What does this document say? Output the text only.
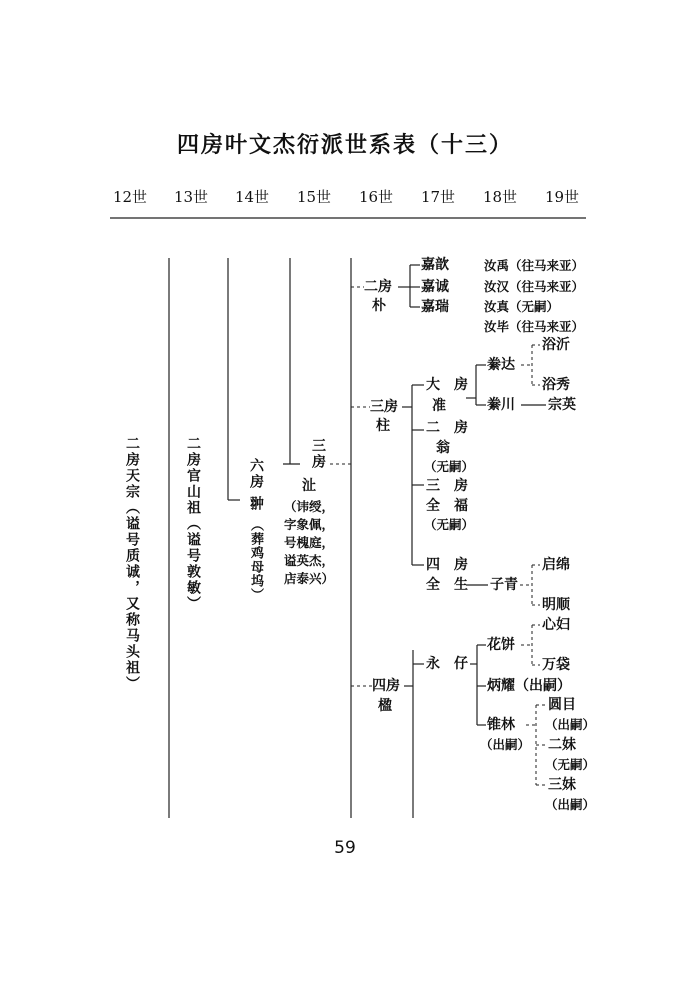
四房叶文杰衍派世系表（十三）
12世	13世	14世	15世	16世	17世	18世	19世
二房天宗（谥号质诚，又称马头祖）	二房官山祖（谥号敦敏）	六房
翀
（葬鸡母坞）
三房
沚
（讳绶，字象佩，号槐庭，谥英杰，店泰兴）
二房
朴
三房
柱
四房
楹
嘉歆
嘉诚
嘉瑞
大　房
准
二　房
翁
（无嗣）
三　房
全　福
（无嗣）
四　房
全　生
永　仔
汝禹（往马来亚）
汝汉（往马来亚）
汝真（无嗣）
汝毕（往马来亚）
絭达
絭川
子青
花饼
炳耀（出嗣）
锥林
（出嗣）
浴沂
浴秀
宗英
启绵
明顺
心妇
万袋
圆目
（出嗣）
二妹
（无嗣）
三妹
（出嗣）
59
